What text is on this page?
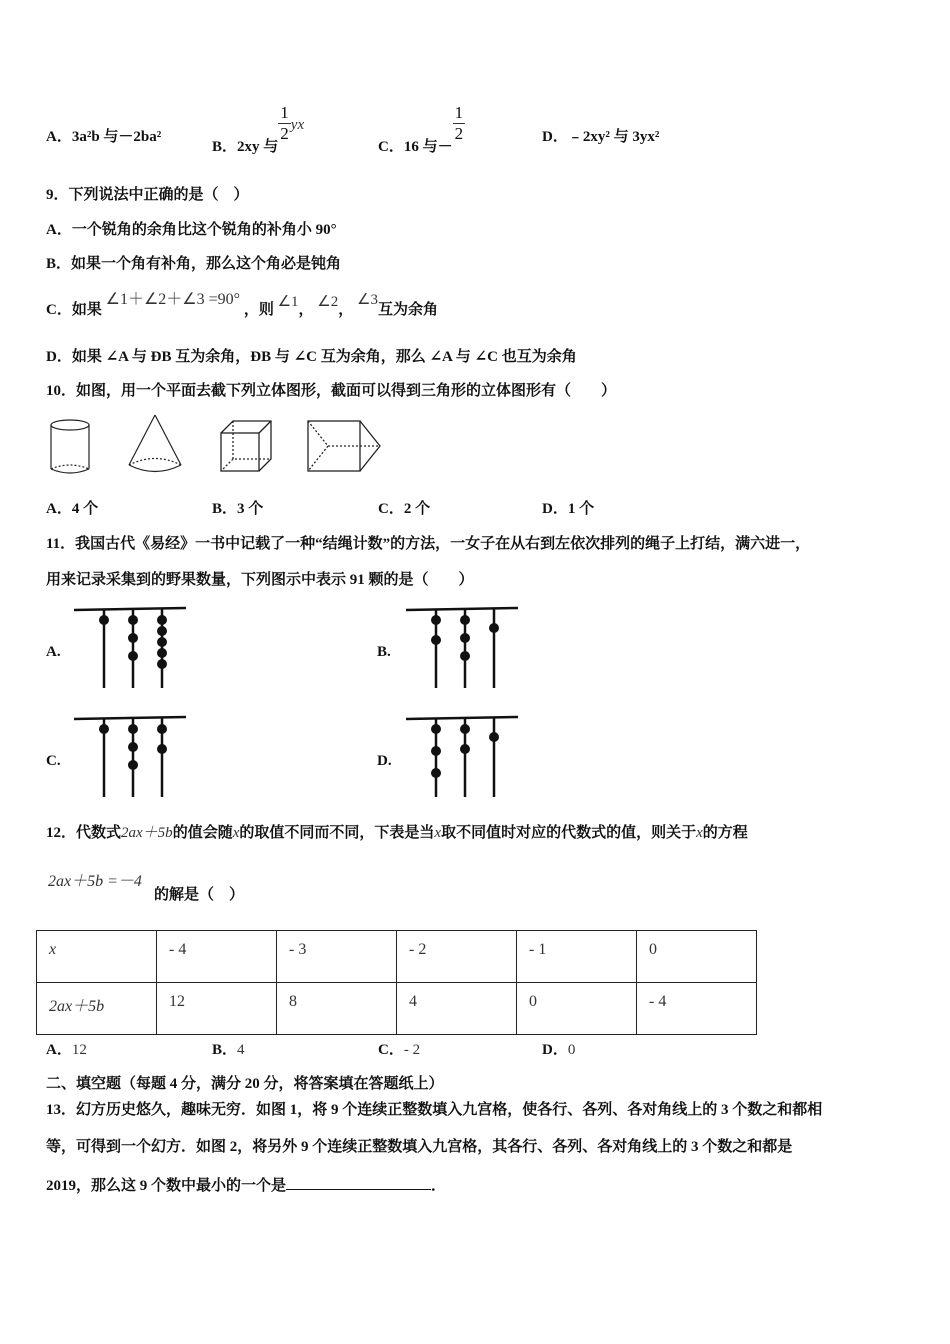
A．3a²b 与－2ba²
B．2xy 与
$\frac{1}{2}$ yx
C．16 与－
$\frac{1}{2}$	D．﹣2xy² 与 3yx²
9．下列说法中正确的是（　）
A．一个锐角的余角比这个锐角的补角小 90°
B．如果一个角有补角，那么这个角必是钝角
C．如果 ∠1＋∠2＋∠3 =90° ，则 ∠1， ∠2， ∠3互为余角
D．如果 ∠A 与 ÐB 互为余角，ÐB 与 ∠C 互为余角，那么 ∠A 与 ∠C 也互为余角
10．如图，用一个平面去截下列立体图形，截面可以得到三角形的立体图形有（　　）
A．4 个	B．3 个	C．2 个	D．1 个
11．我国古代《易经》一书中记载了一种“结绳计数”的方法，一女子在从右到左依次排列的绳子上打结，满六进一，
用来记录采集到的野果数量，下列图示中表示 91 颗的是（　　）
A.	B.
C.	D.
12．代数式2ax＋5b的值会随x的取值不同而不同，下表是当x取不同值时对应的代数式的值，则关于x的方程
2ax＋5b =－4
的解是（　）
x	- 4	- 3	- 2	- 1	0
2ax＋5b	12	8	4	0	- 4
A．12	B．4	C．- 2	D．0
二、填空题（每题 4 分，满分 20 分，将答案填在答题纸上）
13．幻方历史悠久，趣味无穷．如图 1，将 9 个连续正整数填入九宫格，使各行、各列、各对角线上的 3 个数之和都相
等，可得到一个幻方．如图 2，将另外 9 个连续正整数填入九宫格，其各行、各列、各对角线上的 3 个数之和都是
2019，那么这 9 个数中最小的一个是	．
